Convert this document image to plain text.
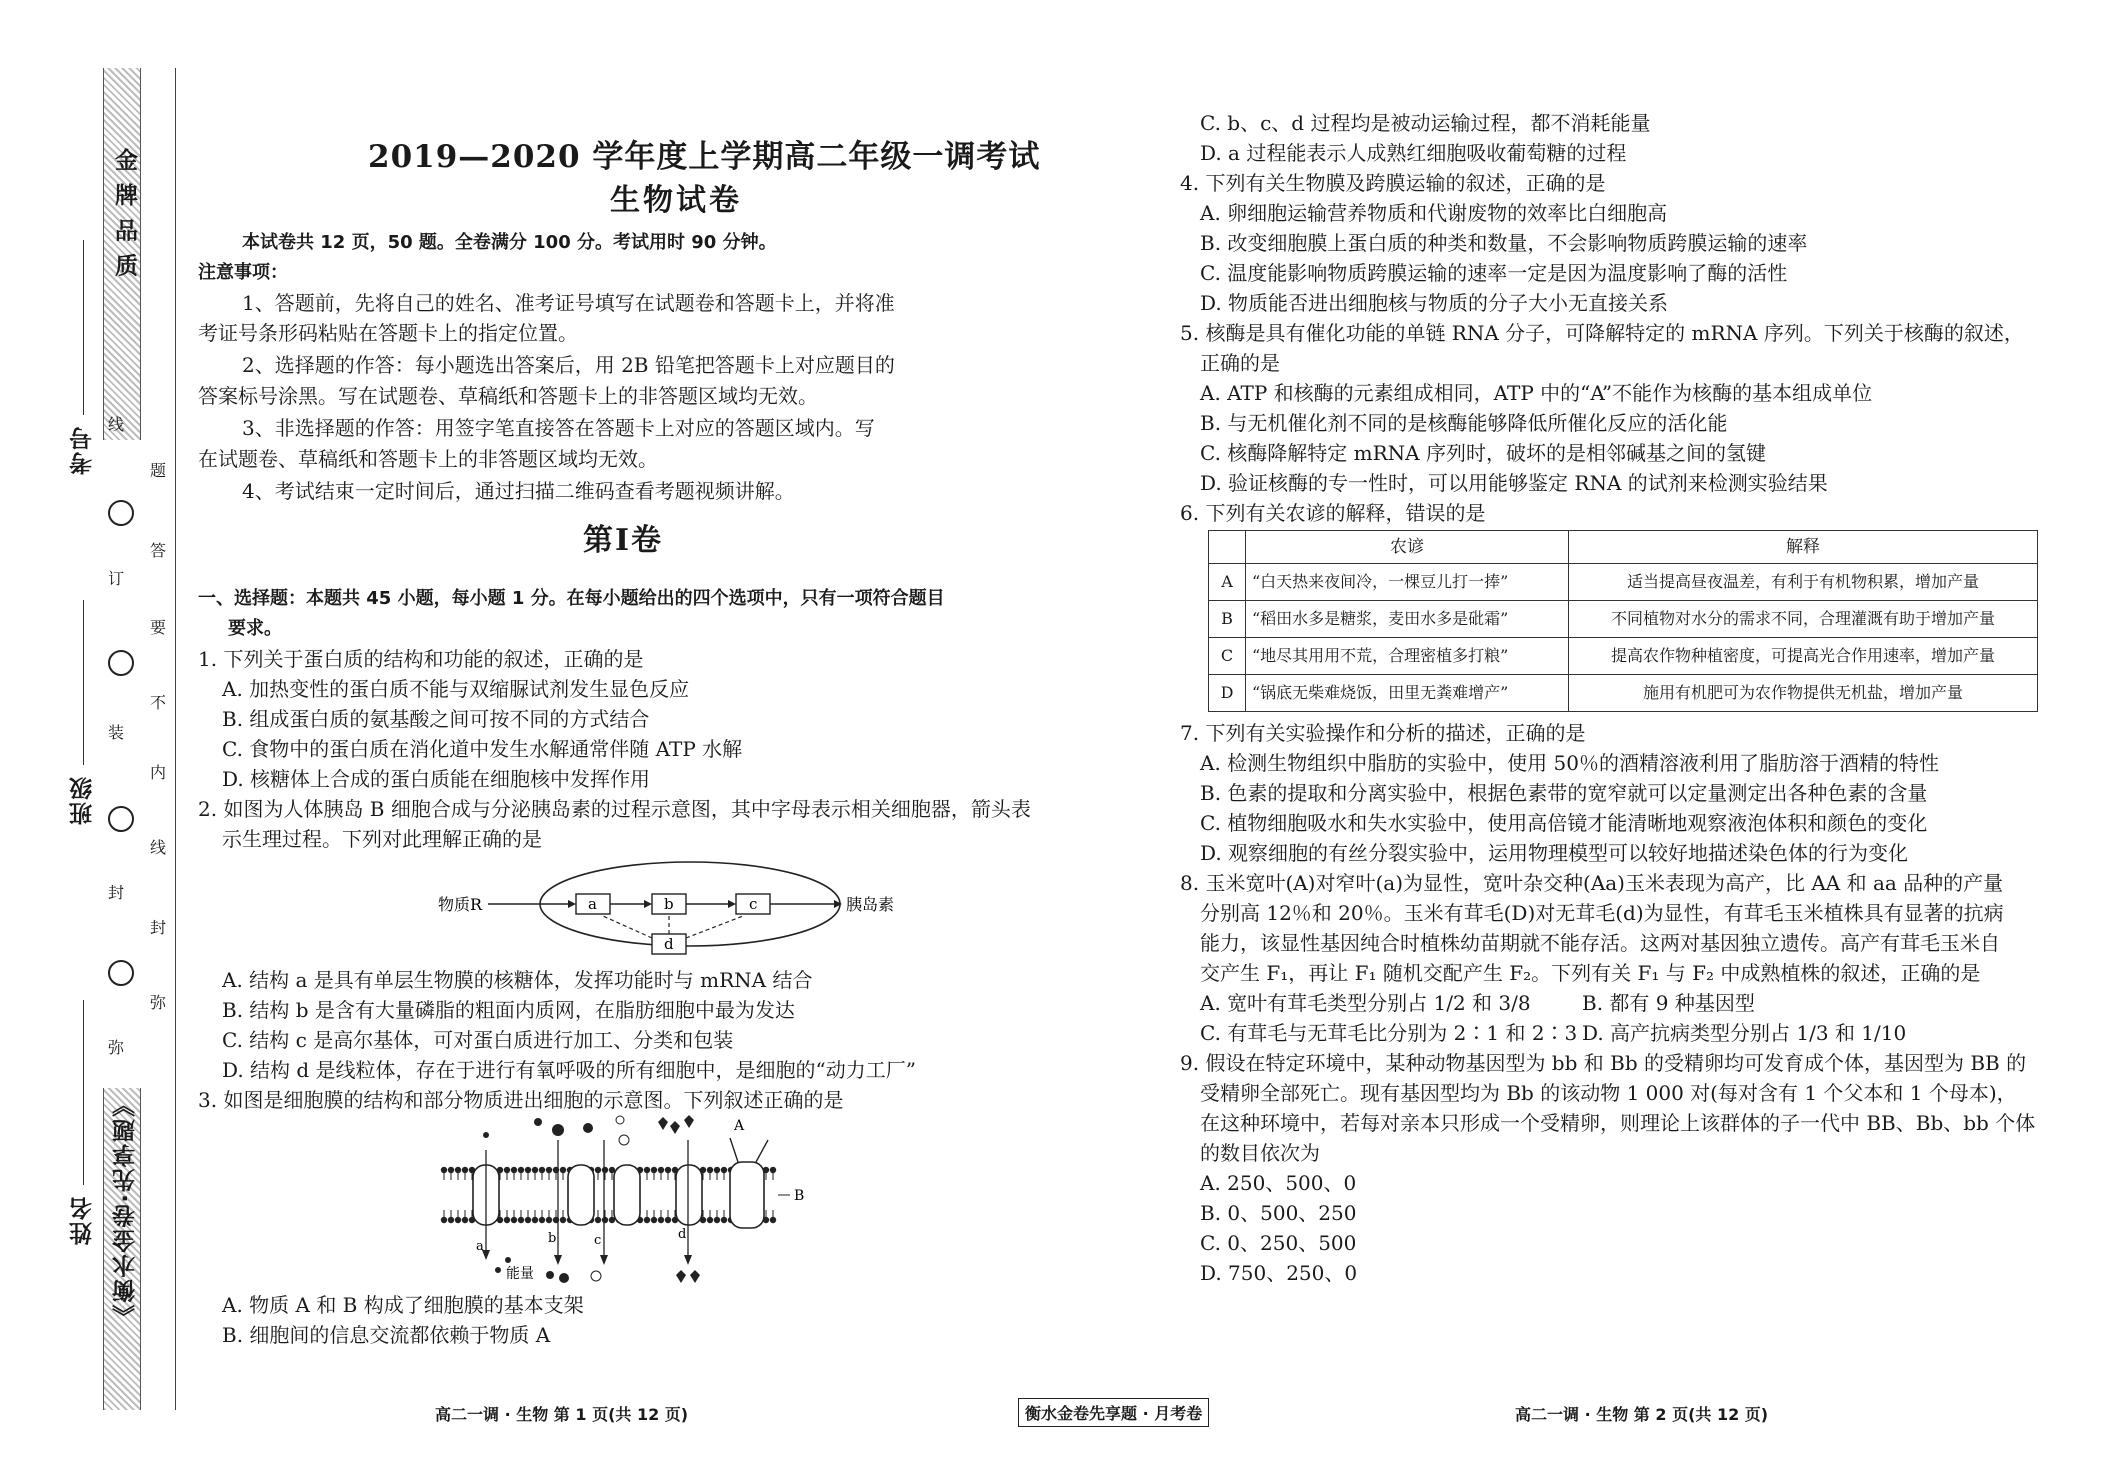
金 牌 品 质
《衡水金卷·先享题》
考号
班级
姓名
线
订
装
封
弥
题
答
要
不
内
线
封
弥
2019—2020 学年度上学期高二年级一调考试
生物试卷
本试卷共 12 页，50 题。全卷满分 100 分。考试用时 90 分钟。
注意事项：
1、答题前，先将自己的姓名、准考证号填写在试题卷和答题卡上，并将准
考证号条形码粘贴在答题卡上的指定位置。
2、选择题的作答：每小题选出答案后，用 2B 铅笔把答题卡上对应题目的
答案标号涂黑。写在试题卷、草稿纸和答题卡上的非答题区域均无效。
3、非选择题的作答：用签字笔直接答在答题卡上对应的答题区域内。写
在试题卷、草稿纸和答题卡上的非答题区域均无效。
4、考试结束一定时间后，通过扫描二维码查看考题视频讲解。
第Ⅰ卷
一、选择题：本题共 45 小题，每小题 1 分。在每小题给出的四个选项中，只有一项符合题目
要求。
1. 下列关于蛋白质的结构和功能的叙述，正确的是
A. 加热变性的蛋白质不能与双缩脲试剂发生显色反应
B. 组成蛋白质的氨基酸之间可按不同的方式结合
C. 食物中的蛋白质在消化道中发生水解通常伴随 ATP 水解
D. 核糖体上合成的蛋白质能在细胞核中发挥作用
2. 如图为人体胰岛 B 细胞合成与分泌胰岛素的过程示意图，其中字母表示相关细胞器，箭头表
示生理过程。下列对此理解正确的是
物质R	a	b	c	胰岛素
d
A. 结构 a 是具有单层生物膜的核糖体，发挥功能时与 mRNA 结合
B. 结构 b 是含有大量磷脂的粗面内质网，在脂肪细胞中最为发达
C. 结构 c 是高尔基体，可对蛋白质进行加工、分类和包装
D. 结构 d 是线粒体，存在于进行有氧呼吸的所有细胞中，是细胞的“动力工厂”
3. 如图是细胞膜的结构和部分物质进出细胞的示意图。下列叙述正确的是
A
B
a
b	c	d
能量
A. 物质 A 和 B 构成了细胞膜的基本支架
B. 细胞间的信息交流都依赖于物质 A
C. b、c、d 过程均是被动运输过程，都不消耗能量
D. a 过程能表示人成熟红细胞吸收葡萄糖的过程
4. 下列有关生物膜及跨膜运输的叙述，正确的是
A. 卵细胞运输营养物质和代谢废物的效率比白细胞高
B. 改变细胞膜上蛋白质的种类和数量，不会影响物质跨膜运输的速率
C. 温度能影响物质跨膜运输的速率一定是因为温度影响了酶的活性
D. 物质能否进出细胞核与物质的分子大小无直接关系
5. 核酶是具有催化功能的单链 RNA 分子，可降解特定的 mRNA 序列。下列关于核酶的叙述，
正确的是
A. ATP 和核酶的元素组成相同，ATP 中的“A”不能作为核酶的基本组成单位
B. 与无机催化剂不同的是核酶能够降低所催化反应的活化能
C. 核酶降解特定 mRNA 序列时，破坏的是相邻碱基之间的氢键
D. 验证核酶的专一性时，可以用能够鉴定 RNA 的试剂来检测实验结果
6. 下列有关农谚的解释，错误的是
	农谚	解释
A	“白天热来夜间冷，一棵豆儿打一捧”	适当提高昼夜温差，有利于有机物积累，增加产量
B	“稻田水多是糖浆，麦田水多是砒霜”	不同植物对水分的需求不同，合理灌溉有助于增加产量
C	“地尽其用用不荒，合理密植多打粮”	提高农作物种植密度，可提高光合作用速率，增加产量
D	“锅底无柴难烧饭，田里无粪难增产”	施用有机肥可为农作物提供无机盐，增加产量
7. 下列有关实验操作和分析的描述，正确的是
A. 检测生物组织中脂肪的实验中，使用 50％的酒精溶液利用了脂肪溶于酒精的特性
B. 色素的提取和分离实验中，根据色素带的宽窄就可以定量测定出各种色素的含量
C. 植物细胞吸水和失水实验中，使用高倍镜才能清晰地观察液泡体积和颜色的变化
D. 观察细胞的有丝分裂实验中，运用物理模型可以较好地描述染色体的行为变化
8. 玉米宽叶(A)对窄叶(a)为显性，宽叶杂交种(Aa)玉米表现为高产，比 AA 和 aa 品种的产量
分别高 12％和 20％。玉米有茸毛(D)对无茸毛(d)为显性，有茸毛玉米植株具有显著的抗病
能力，该显性基因纯合时植株幼苗期就不能存活。这两对基因独立遗传。高产有茸毛玉米自
交产生 F₁，再让 F₁ 随机交配产生 F₂。下列有关 F₁ 与 F₂ 中成熟植株的叙述，正确的是
A. 宽叶有茸毛类型分别占 1/2 和 3/8	B. 都有 9 种基因型
C. 有茸毛与无茸毛比分别为 2∶1 和 2∶3 D. 高产抗病类型分别占 1/3 和 1/10
9. 假设在特定环境中，某种动物基因型为 bb 和 Bb 的受精卵均可发育成个体，基因型为 BB 的
受精卵全部死亡。现有基因型均为 Bb 的该动物 1 000 对(每对含有 1 个父本和 1 个母本)，
在这种环境中，若每对亲本只形成一个受精卵，则理论上该群体的子一代中 BB、Bb、bb 个体
的数目依次为
A. 250、500、0
B. 0、500、250
C. 0、250、500
D. 750、250、0
高二一调 · 生物 第 1 页(共 12 页)	衡水金卷先享题 · 月考卷	高二一调 · 生物 第 2 页(共 12 页)
